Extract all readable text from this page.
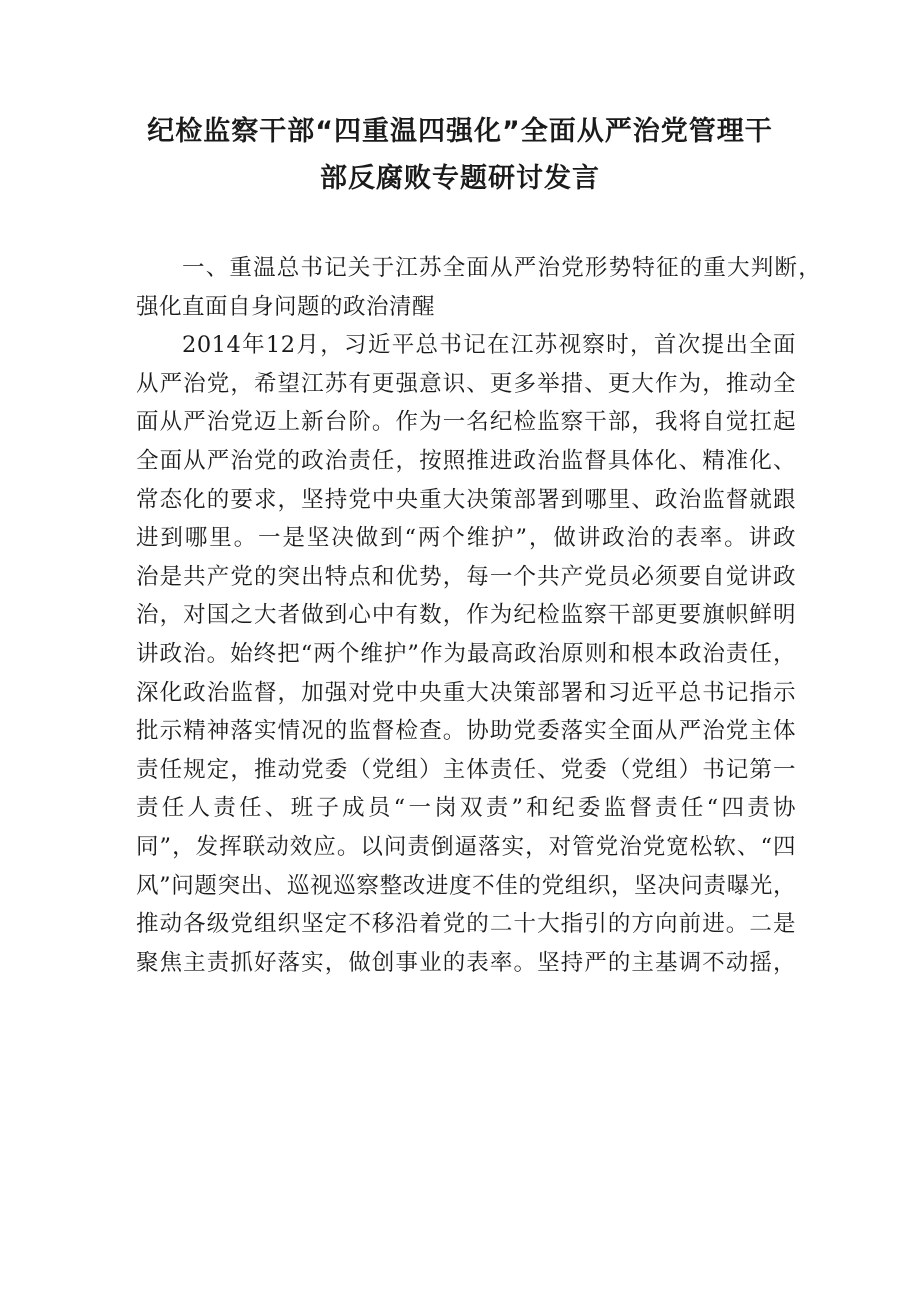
纪检监察干部“四重温四强化”全面从严治党管理干
部反腐败专题研讨发言
一、重温总书记关于江苏全面从严治党形势特征的重大判断，
强化直面自身问题的政治清醒
2014年12月，习近平总书记在江苏视察时，首次提出全面
从严治党，希望江苏有更强意识、更多举措、更大作为，推动全
面从严治党迈上新台阶。作为一名纪检监察干部，我将自觉扛起
全面从严治党的政治责任，按照推进政治监督具体化、精准化、
常态化的要求，坚持党中央重大决策部署到哪里、政治监督就跟
进到哪里。一是坚决做到“两个维护”，做讲政治的表率。讲政
治是共产党的突出特点和优势，每一个共产党员必须要自觉讲政
治，对国之大者做到心中有数，作为纪检监察干部更要旗帜鲜明
讲政治。始终把“两个维护”作为最高政治原则和根本政治责任，
深化政治监督，加强对党中央重大决策部署和习近平总书记指示
批示精神落实情况的监督检查。协助党委落实全面从严治党主体
责任规定，推动党委（党组）主体责任、党委（党组）书记第一
责任人责任、班子成员“一岗双责”和纪委监督责任“四责协
同”，发挥联动效应。以问责倒逼落实，对管党治党宽松软、“四
风”问题突出、巡视巡察整改进度不佳的党组织，坚决问责曝光，
推动各级党组织坚定不移沿着党的二十大指引的方向前进。二是
聚焦主责抓好落实，做创事业的表率。坚持严的主基调不动摇，
